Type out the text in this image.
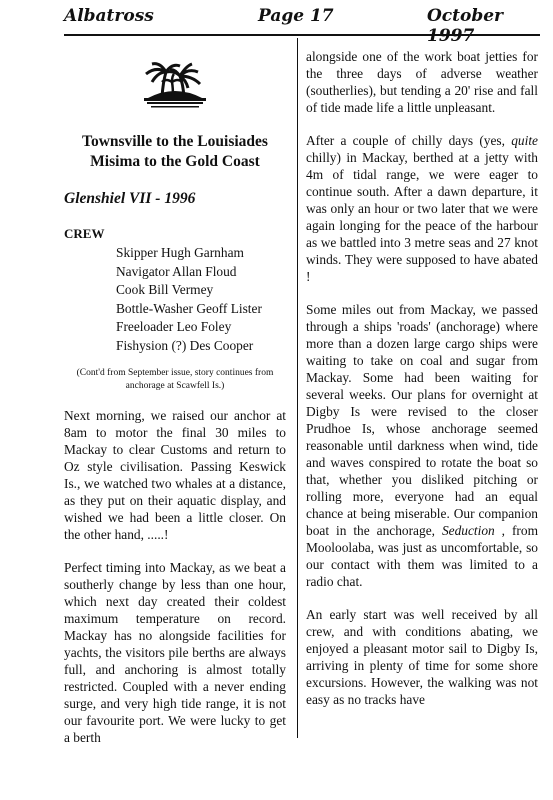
Albatross	Page 17	October 1997
Townsville to the Louisiades
Misima to the Gold Coast
Glenshiel VII - 1996
CREW
Skipper Hugh Garnham
Navigator Allan Floud
Cook Bill Vermey
Bottle-Washer Geoff Lister
Freeloader Leo Foley
Fishysion (?) Des Cooper
(Cont'd from September issue, story continues from anchorage at Scawfell Is.)

Next morning, we raised our anchor at 8am to motor the final 30 miles to Mackay to clear Customs and return to Oz style civilisation. Passing Keswick Is., we watched two whales at a distance, as they put on their aquatic display, and wished we had been a little closer. On the other hand, .....!

Perfect timing into Mackay, as we beat a southerly change by less than one hour, which next day created their coldest maximum temperature on record. Mackay has no alongside facilities for yachts, the visitors pile berths are always full, and anchoring is almost totally restricted. Coupled with a never ending surge, and very high tide range, it is not our favourite port. We were lucky to get a berth

alongside one of the work boat jetties for the three days of adverse weather (southerlies), but tending a 20' rise and fall of tide made life a little unpleasant.

After a couple of chilly days (yes, quite chilly) in Mackay, berthed at a jetty with 4m of tidal range, we were eager to continue south. After a dawn departure, it was only an hour or two later that we were again longing for the peace of the harbour as we battled into 3 metre seas and 27 knot winds. They were supposed to have abated !

Some miles out from Mackay, we passed through a ships 'roads' (anchorage) where more than a dozen large cargo ships were waiting to take on coal and sugar from Mackay. Some had been waiting for several weeks. Our plans for overnight at Digby Is were revised to the closer Prudhoe Is, whose anchorage seemed reasonable until darkness when wind, tide and waves conspired to rotate the boat so that, whether you disliked pitching or rolling more, everyone had an equal chance at being miserable. Our companion boat in the anchorage, Seduction , from Mooloolaba, was just as uncomfortable, so our contact with them was limited to a radio chat.

An early start was well received by all crew, and with conditions abating, we enjoyed a pleasant motor sail to Digby Is, arriving in plenty of time for some shore excursions. However, the walking was not easy as no tracks have
